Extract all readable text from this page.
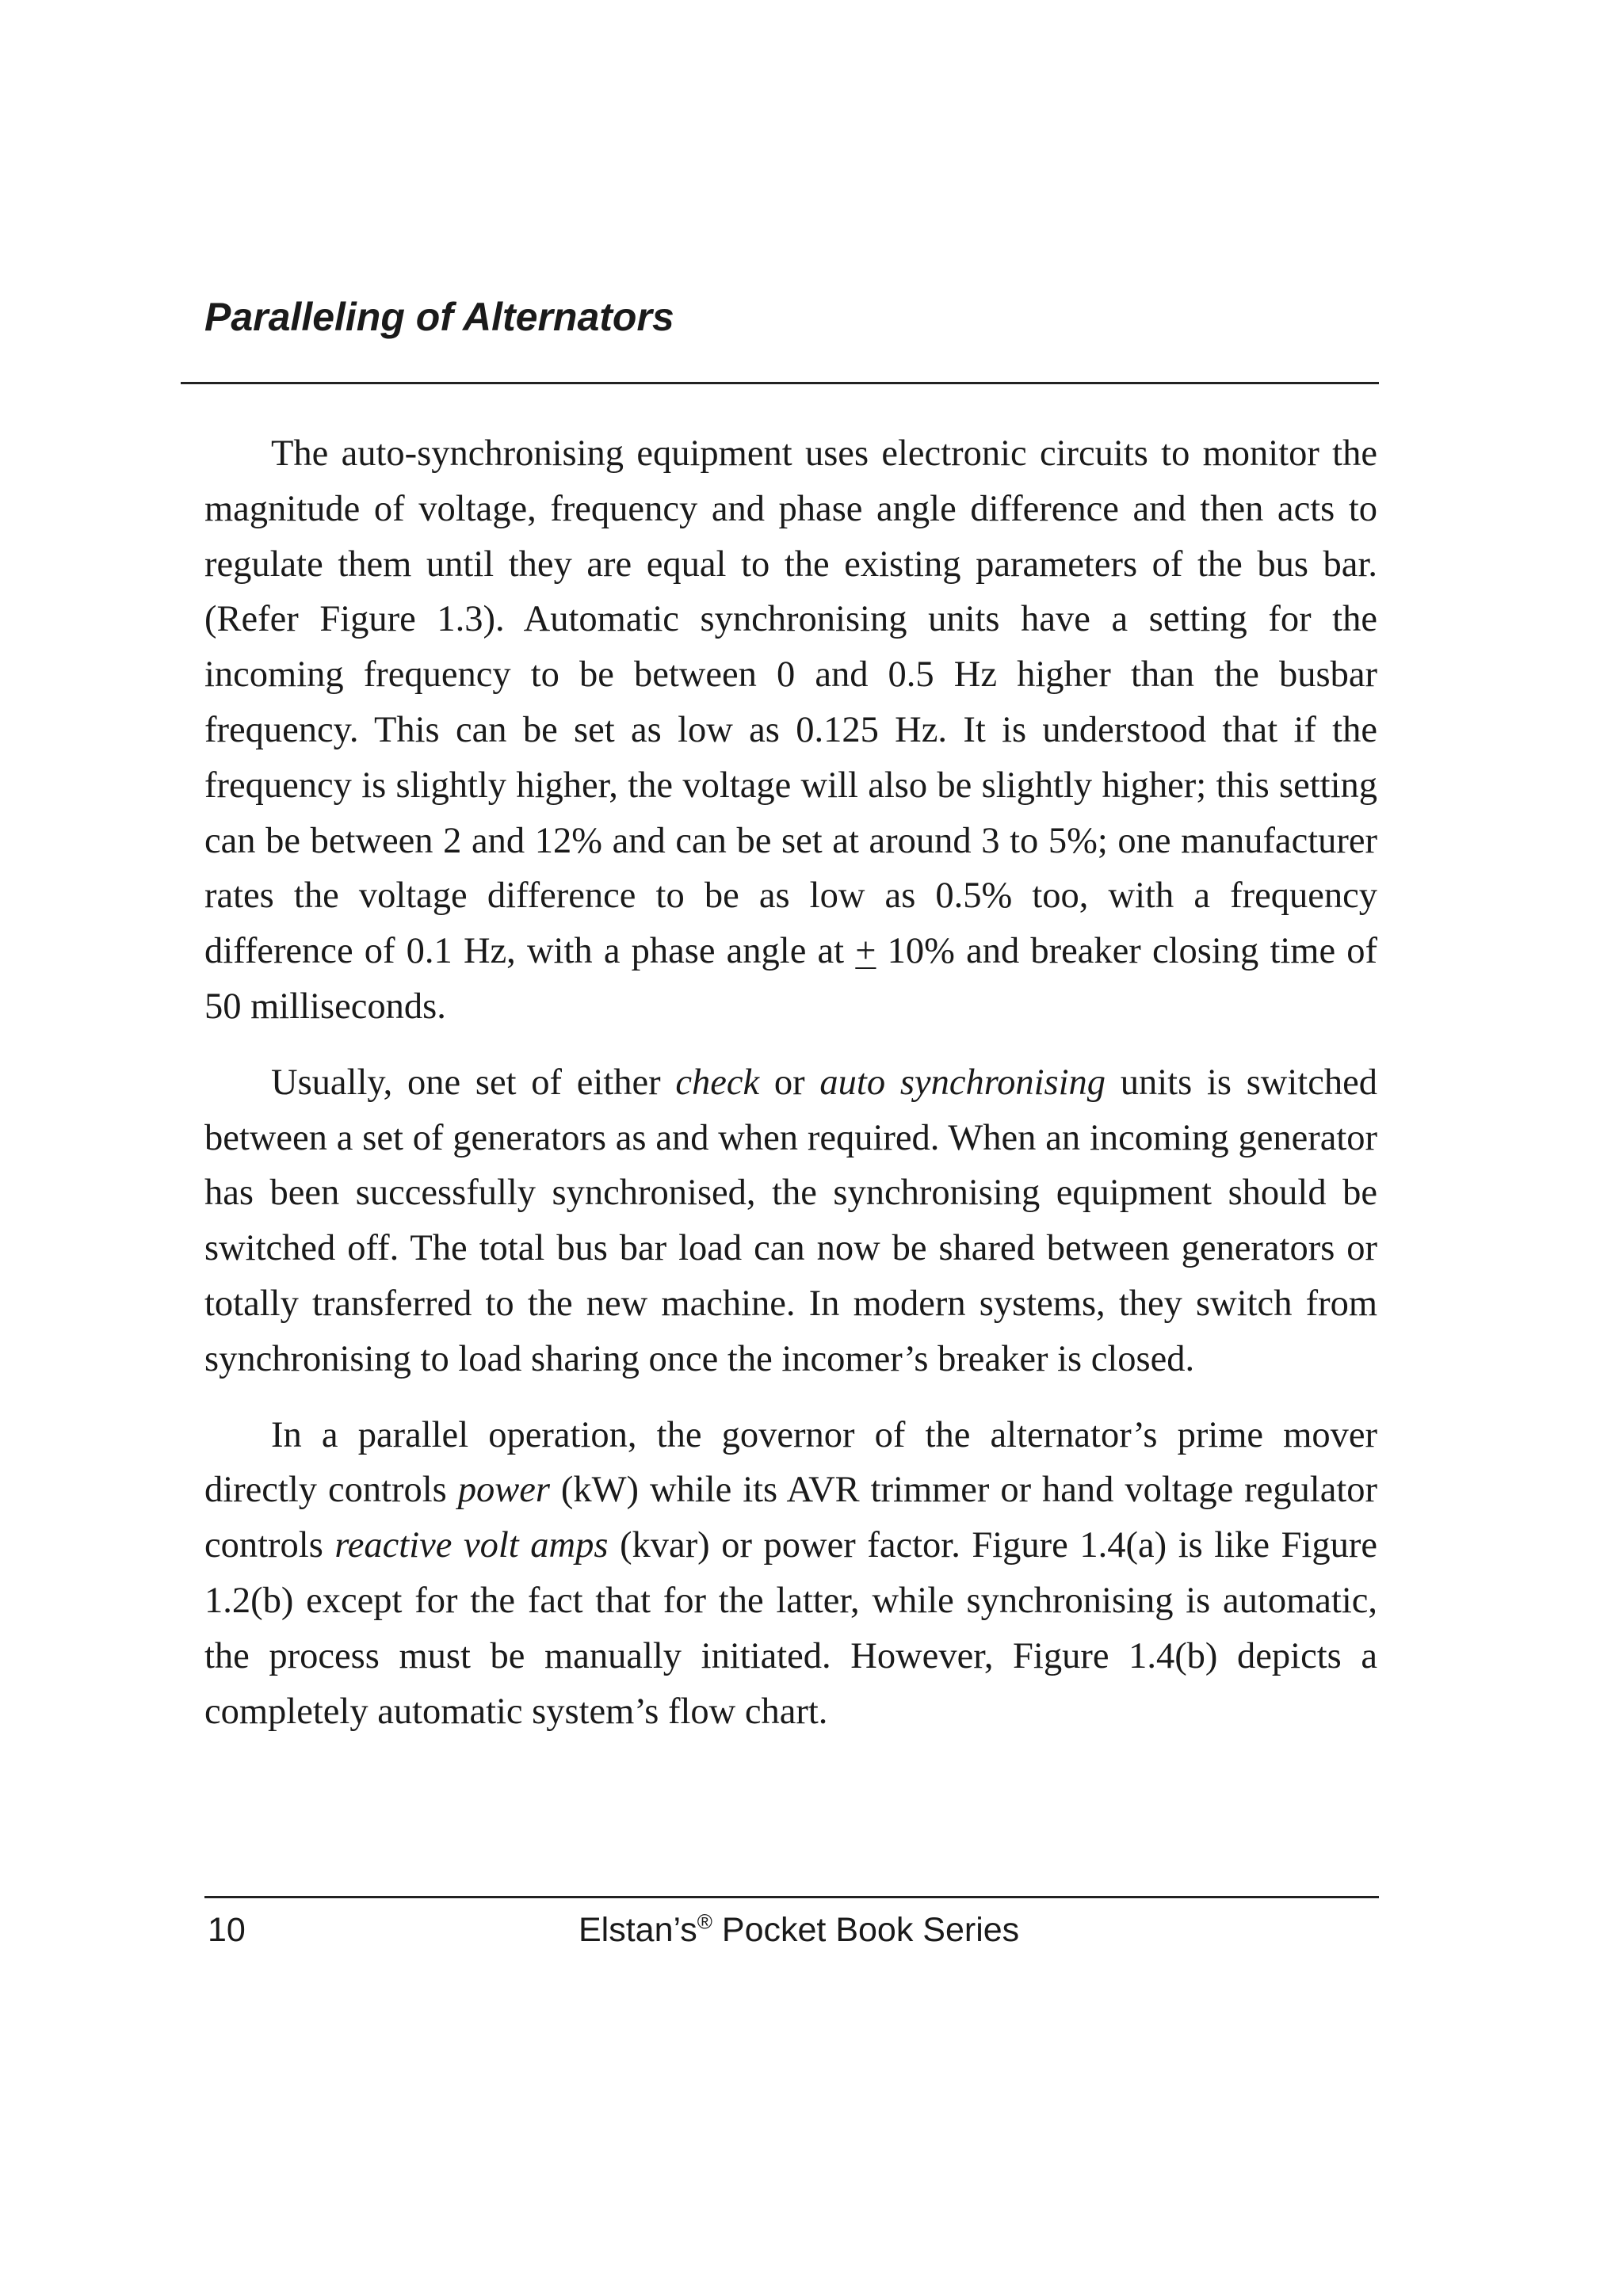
Paralleling of Alternators

The auto-synchronising equipment uses electronic circuits to monitor the magnitude of voltage, frequency and phase angle difference and then acts to regulate them until they are equal to the existing parameters of the bus bar. (Refer Figure 1.3). Automatic synchronising units have a setting for the incoming frequency to be between 0 and 0.5 Hz higher than the busbar frequency. This can be set as low as 0.125 Hz. It is understood that if the frequency is slightly higher, the voltage will also be slightly higher; this setting can be between 2 and 12% and can be set at around 3 to 5%; one manufacturer rates the voltage difference to be as low as 0.5% too, with a frequency difference of 0.1 Hz, with a phase angle at + 10% and breaker closing time of 50 milliseconds.

Usually, one set of either check or auto synchronising units is switched between a set of generators as and when required. When an incoming generator has been successfully synchronised, the synchronising equipment should be switched off. The total bus bar load can now be shared between generators or totally transferred to the new machine. In modern systems, they switch from synchronising to load sharing once the incomer’s breaker is closed.

In a parallel operation, the governor of the alternator’s prime mover directly controls power (kW) while its AVR trimmer or hand voltage regulator controls reactive volt amps (kvar) or power factor. Figure 1.4(a) is like Figure 1.2(b) except for the fact that for the latter, while synchronising is automatic, the process must be manually initiated. However, Figure 1.4(b) depicts a completely automatic system’s flow chart.

10	Elstan’s® Pocket Book Series
